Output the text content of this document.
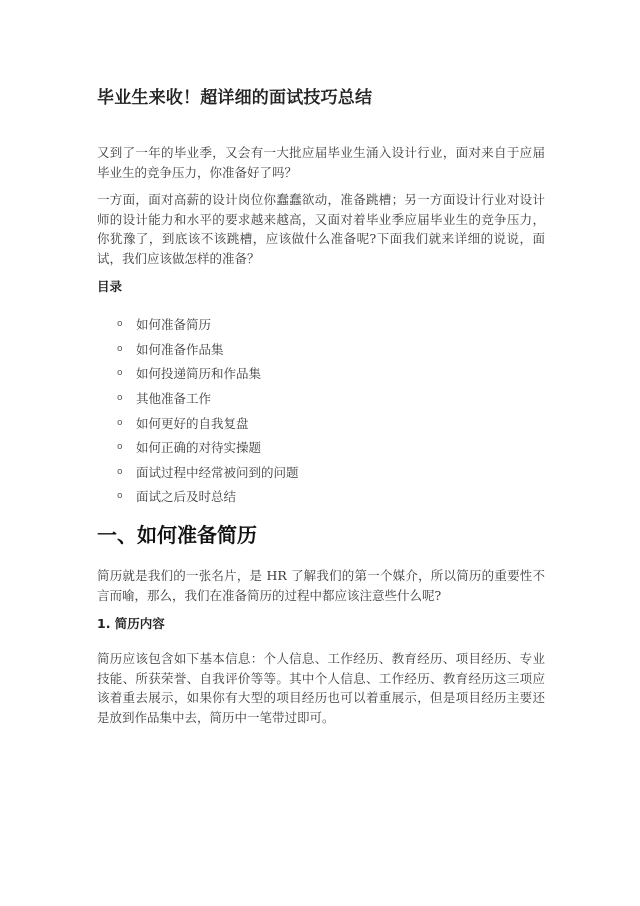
毕业生来收！超详细的面试技巧总结

又到了一年的毕业季，又会有一大批应届毕业生涌入设计行业，面对来自于应届毕业生的竞争压力，你准备好了吗？

一方面，面对高薪的设计岗位你蠢蠢欲动，准备跳槽；另一方面设计行业对设计师的设计能力和水平的要求越来越高，又面对着毕业季应届毕业生的竞争压力，你犹豫了，到底该不该跳槽，应该做什么准备呢?下面我们就来详细的说说，面试，我们应该做怎样的准备？

目录
o	如何准备简历
o	如何准备作品集
o	如何投递简历和作品集
o	其他准备工作
o	如何更好的自我复盘
o	如何正确的对待实操题
o	面试过程中经常被问到的问题
o	面试之后及时总结
一、如何准备简历

简历就是我们的一张名片，是 HR 了解我们的第一个媒介，所以简历的重要性不言而喻，那么，我们在准备简历的过程中都应该注意些什么呢?

1. 简历内容

简历应该包含如下基本信息：个人信息、工作经历、教育经历、项目经历、专业技能、所获荣誉、自我评价等等。其中个人信息、工作经历、教育经历这三项应该着重去展示，如果你有大型的项目经历也可以着重展示，但是项目经历主要还是放到作品集中去，简历中一笔带过即可。
